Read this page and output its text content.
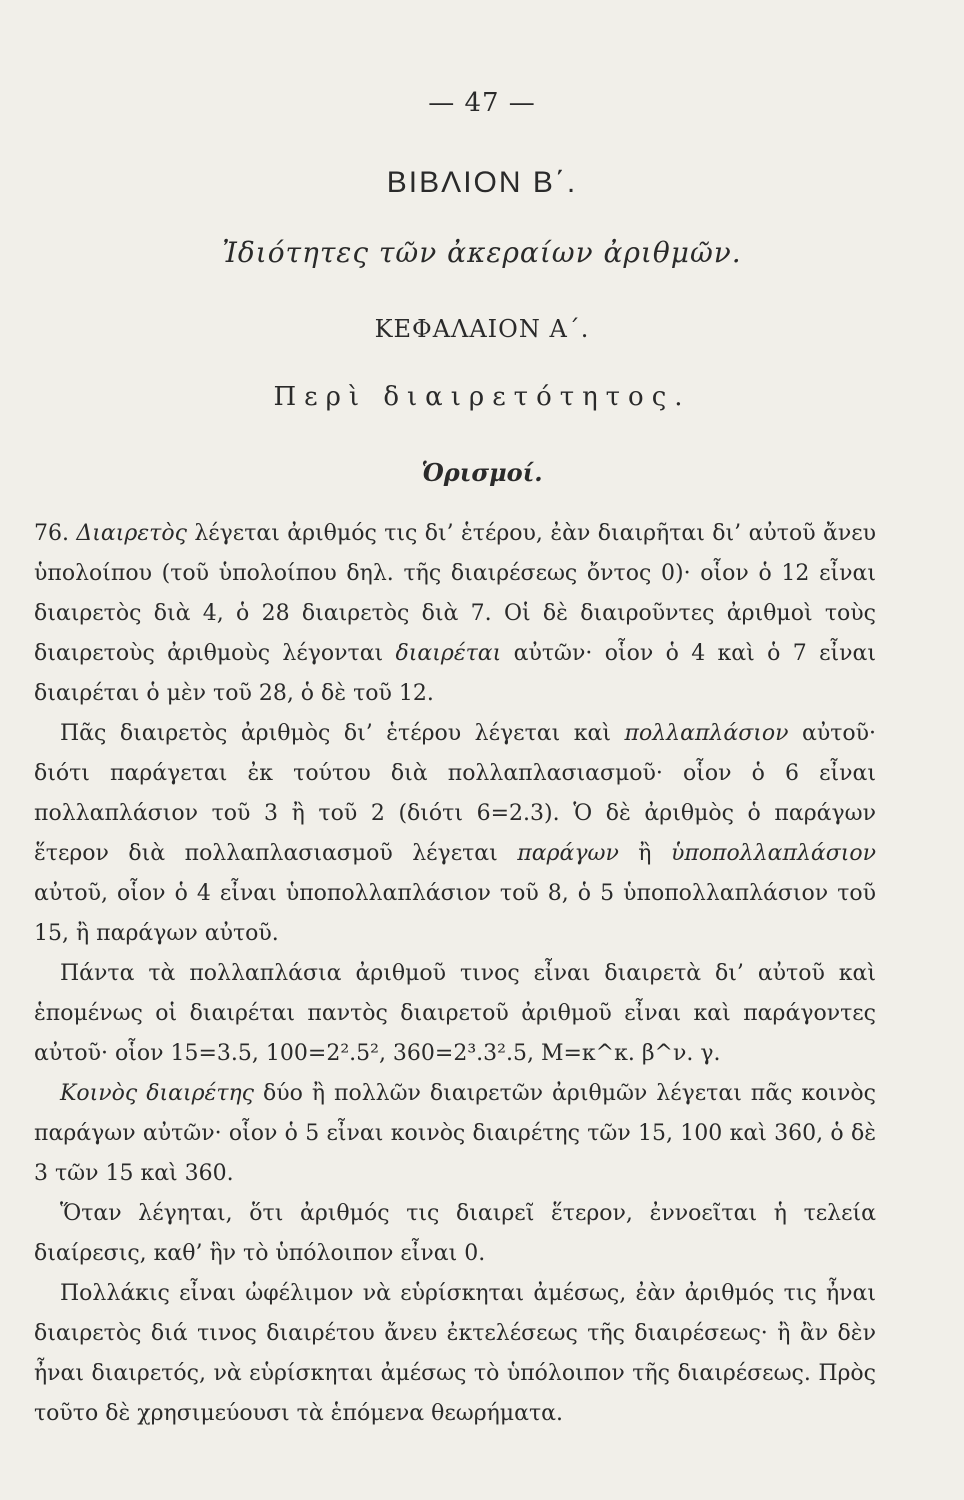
— 47 —
ΒΙΒΛΙΟΝ Β΄.
Ἰδιότητες τῶν ἀκεραίων ἀριθμῶν.
ΚΕΦΑΛΑΙΟΝ Α΄.
Περὶ διαιρετότητος.
Ὁρισμοί.

76. Διαιρετὸς λέγεται ἀριθμός τις δι’ ἑτέρου, ἐὰν διαιρῆται δι’ αὐτοῦ ἄνευ ὑπολοίπου (τοῦ ὑπολοίπου δηλ. τῆς διαιρέσεως ὄντος 0)· οἷον ὁ 12 εἶναι διαιρετὸς διὰ 4, ὁ 28 διαιρετὸς διὰ 7. Οἱ δὲ διαιροῦντες ἀριθμοὶ τοὺς διαιρετοὺς ἀριθμοὺς λέγονται διαιρέται αὐτῶν· οἷον ὁ 4 καὶ ὁ 7 εἶναι διαιρέται ὁ μὲν τοῦ 28, ὁ δὲ τοῦ 12.

Πᾶς διαιρετὸς ἀριθμὸς δι’ ἑτέρου λέγεται καὶ πολλαπλάσιον αὐτοῦ· διότι παράγεται ἐκ τούτου διὰ πολλαπλασιασμοῦ· οἷον ὁ 6 εἶναι πολλαπλάσιον τοῦ 3 ἢ τοῦ 2 (διότι 6=2.3). Ὁ δὲ ἀριθμὸς ὁ παράγων ἕτερον διὰ πολλαπλασιασμοῦ λέγεται παράγων ἢ ὑποπολλαπλάσιον αὐτοῦ, οἷον ὁ 4 εἶναι ὑποπολλαπλάσιον τοῦ 8, ὁ 5 ὑποπολλαπλάσιον τοῦ 15, ἢ παράγων αὐτοῦ.

Πάντα τὰ πολλαπλάσια ἀριθμοῦ τινος εἶναι διαιρετὰ δι’ αὐτοῦ καὶ ἑπομένως οἱ διαιρέται παντὸς διαιρετοῦ ἀριθμοῦ εἶναι καὶ παράγοντες αὐτοῦ· οἷον 15=3.5, 100=2².5², 360=2³.3².5, Μ=κ^κ. β^ν. γ.

Κοινὸς διαιρέτης δύο ἢ πολλῶν διαιρετῶν ἀριθμῶν λέγεται πᾶς κοινὸς παράγων αὐτῶν· οἷον ὁ 5 εἶναι κοινὸς διαιρέτης τῶν 15, 100 καὶ 360, ὁ δὲ 3 τῶν 15 καὶ 360.

Ὅταν λέγηται, ὅτι ἀριθμός τις διαιρεῖ ἕτερον, ἐννοεῖται ἡ τελεία διαίρεσις, καθ’ ἣν τὸ ὑπόλοιπον εἶναι 0.

Πολλάκις εἶναι ὠφέλιμον νὰ εὑρίσκηται ἀμέσως, ἐὰν ἀριθμός τις ἦναι διαιρετὸς διά τινος διαιρέτου ἄνευ ἐκτελέσεως τῆς διαιρέσεως· ἢ ἂν δὲν ἦναι διαιρετός, νὰ εὑρίσκηται ἀμέσως τὸ ὑπόλοιπον τῆς διαιρέσεως. Πρὸς τοῦτο δὲ χρησιμεύουσι τὰ ἑπόμενα θεωρήματα.
